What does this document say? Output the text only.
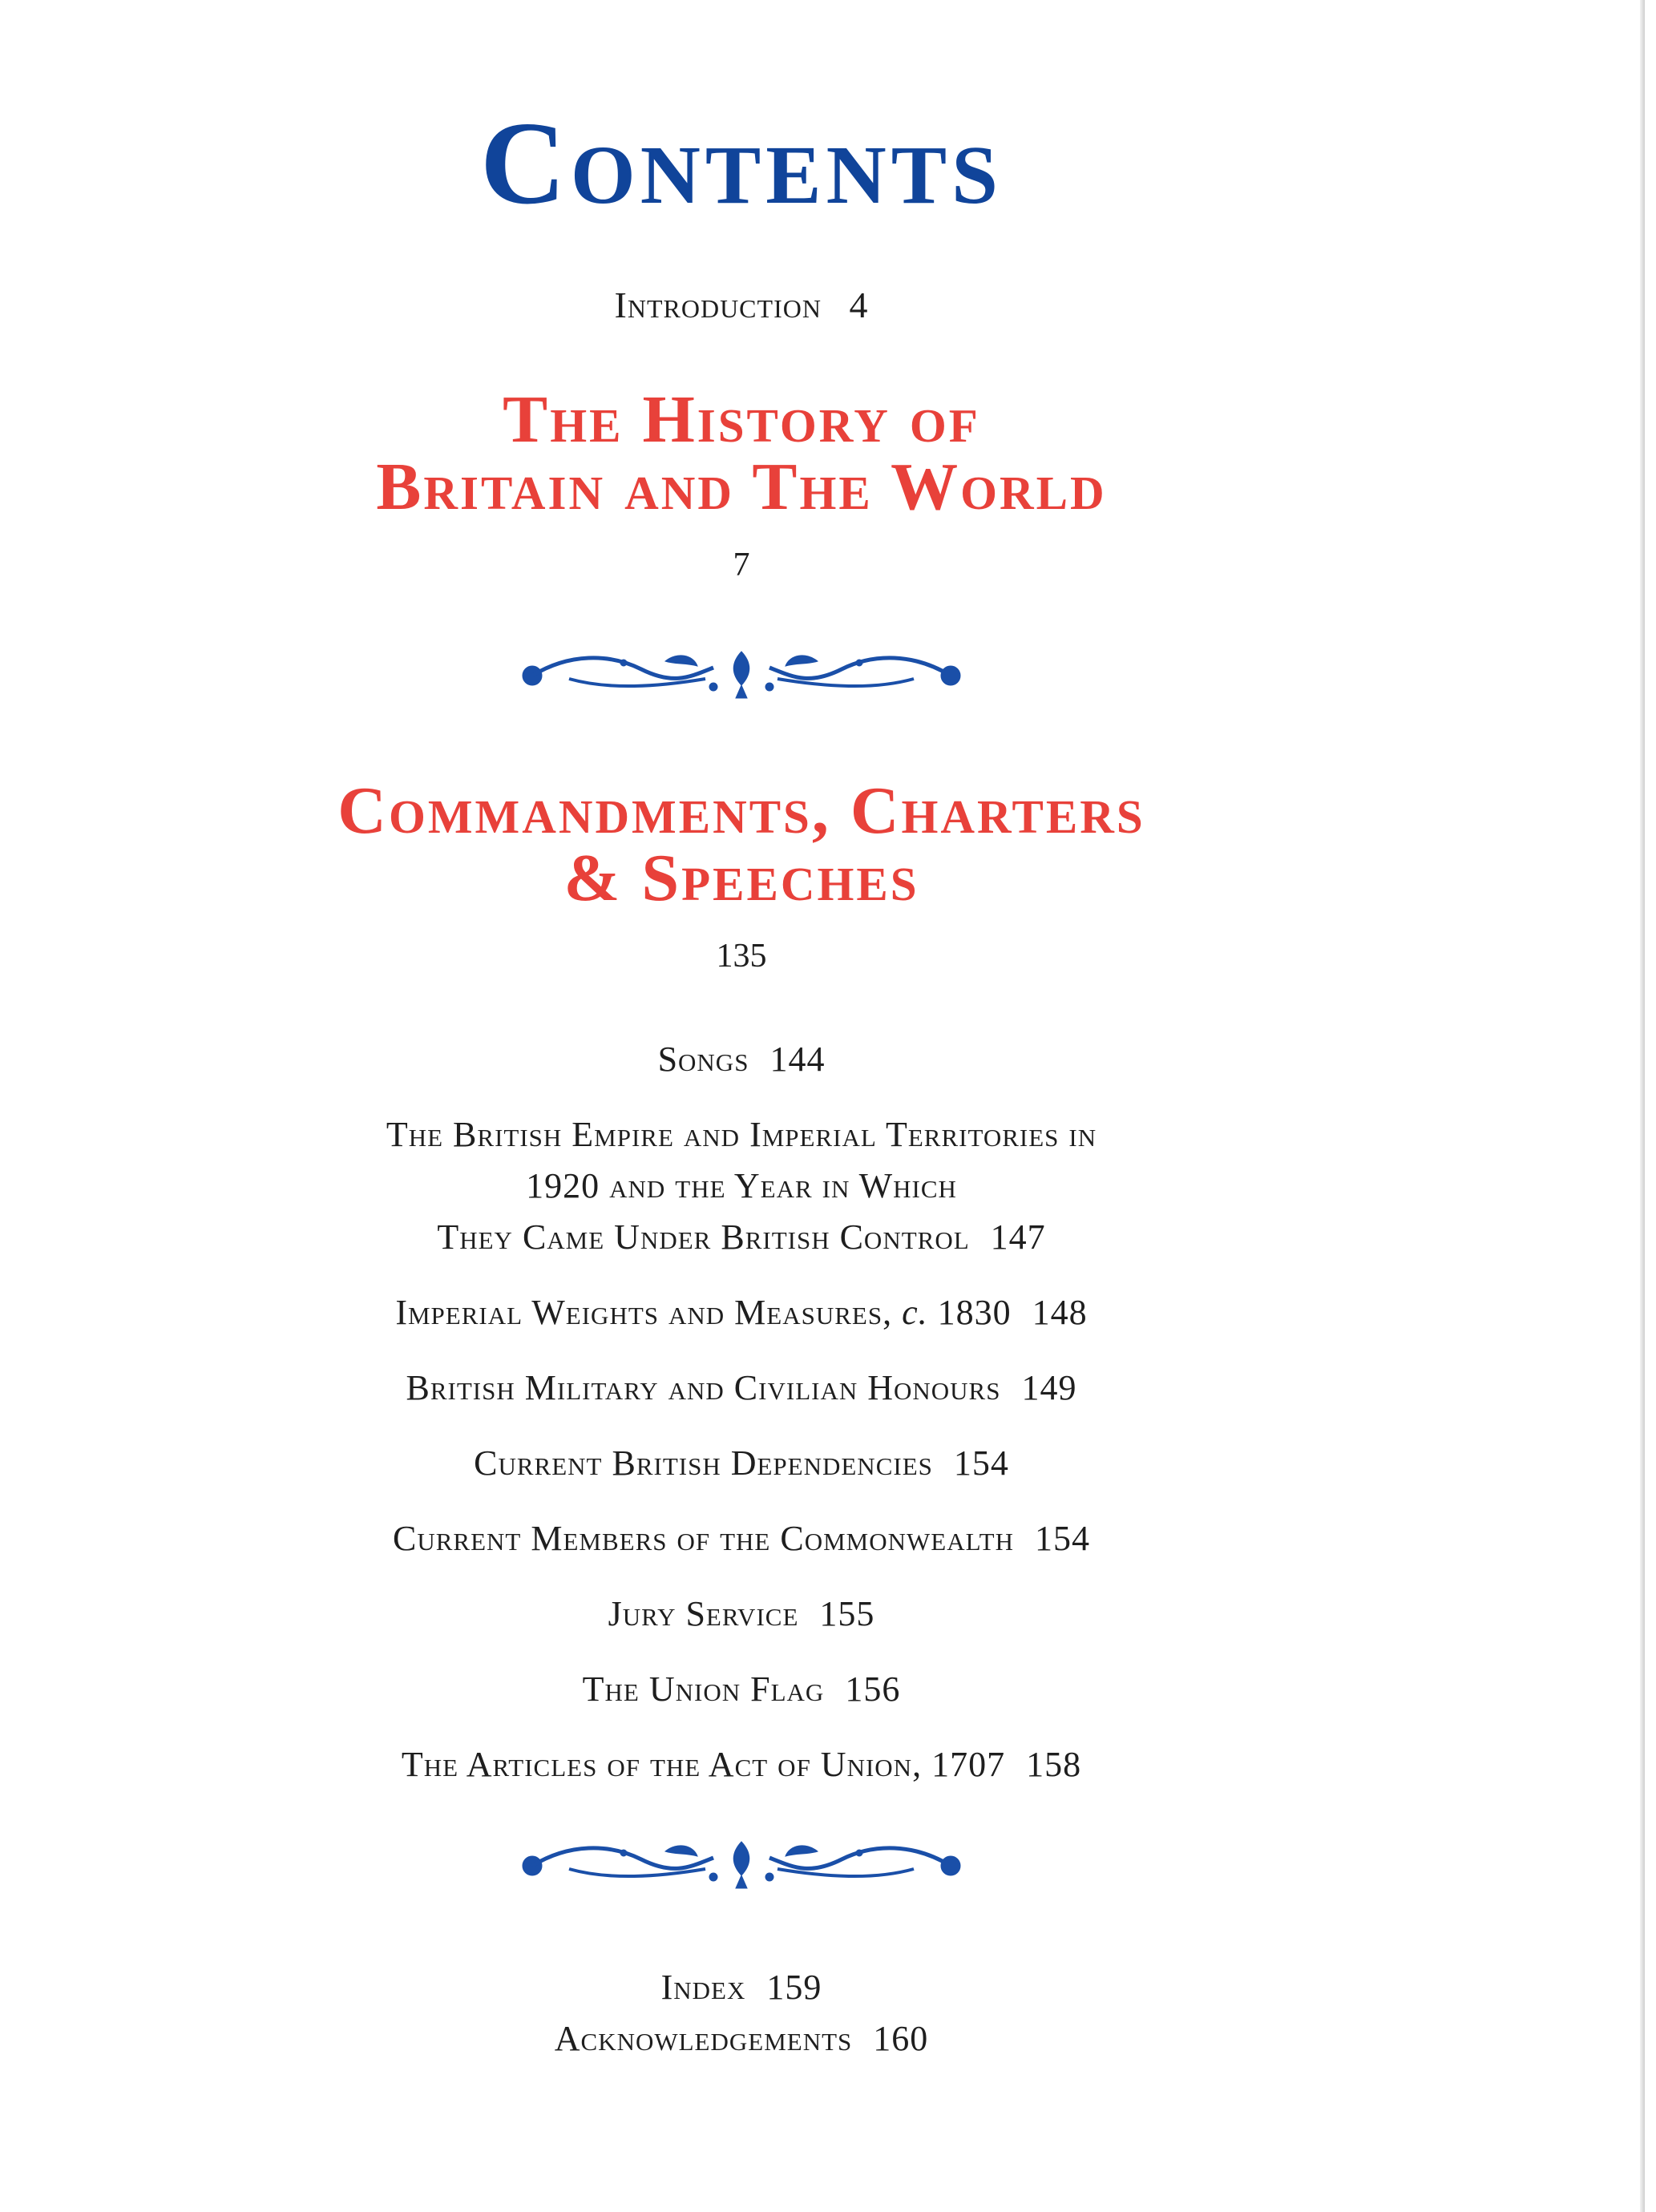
Contents
Introduction 4
The History of
Britain and The World
7
Commandments, Charters
& Speeches
135
Songs 144
The British Empire and Imperial Territories in
1920 and the Year in Which
They Came Under British Control 147
Imperial Weights and Measures, c. 1830 148
British Military and Civilian Honours 149
Current British Dependencies 154
Current Members of the Commonwealth 154
Jury Service 155
The Union Flag 156
The Articles of the Act of Union, 1707 158
Index 159
Acknowledgements 160
